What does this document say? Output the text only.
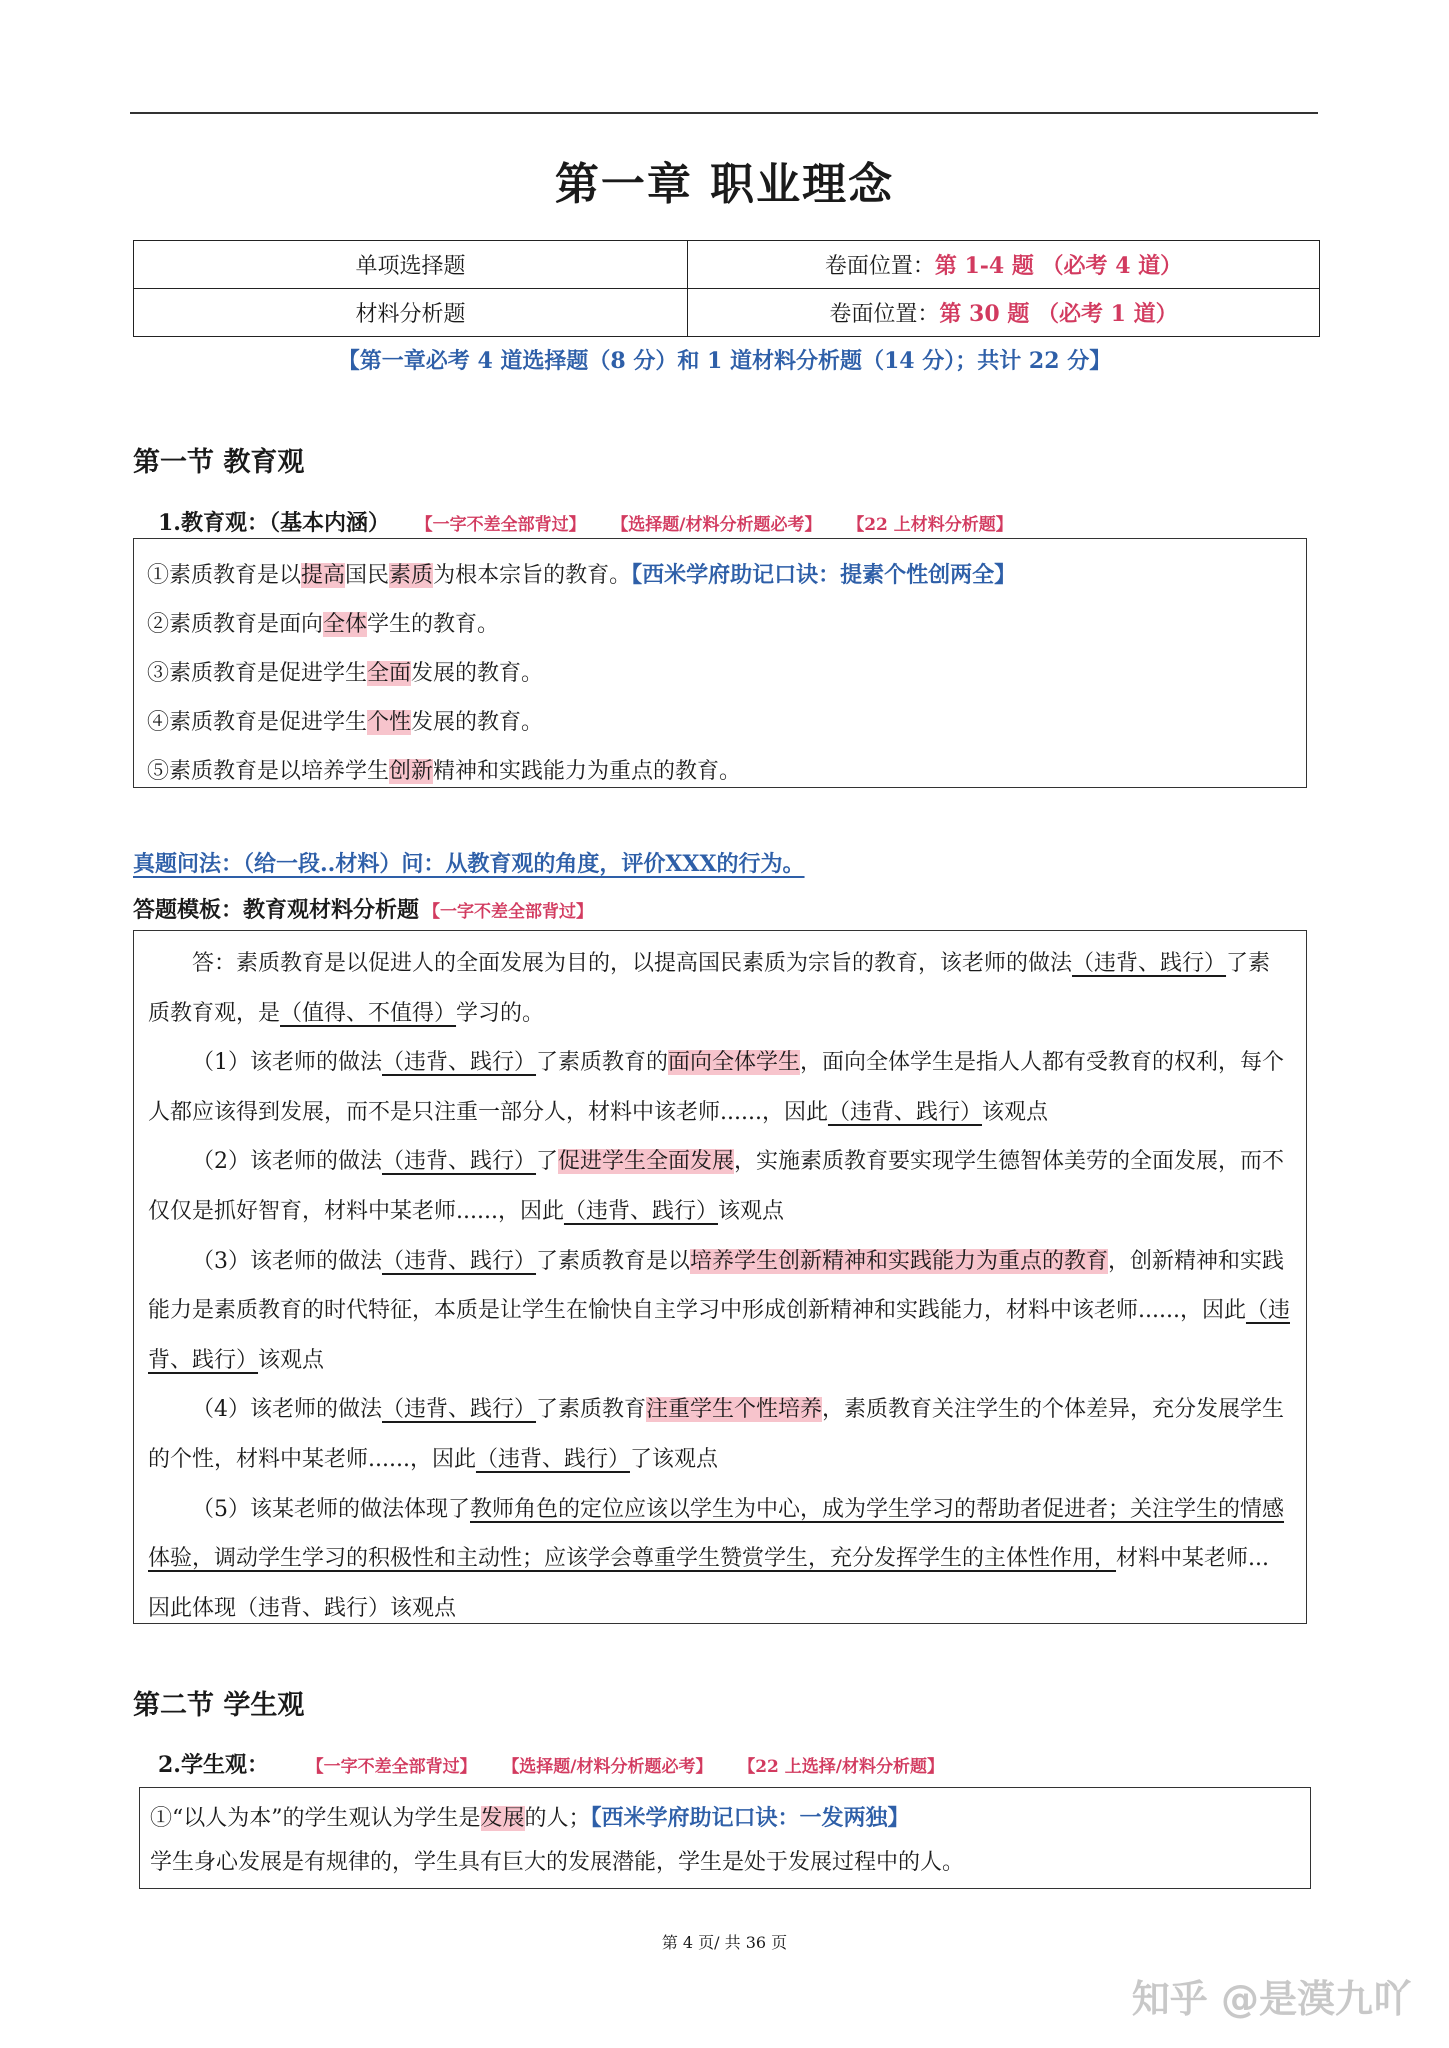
第一章 职业理念
单项选择题	卷面位置：第 1-4 题 （必考 4 道）
材料分析题	卷面位置：第 30 题 （必考 1 道）
【第一章必考 4 道选择题（8 分）和 1 道材料分析题（14 分）；共计 22 分】
第一节 教育观
1.教育观：（基本内涵） 【一字不差全部背过】 【选择题/材料分析题必考】 【22 上材料分析题】

①素质教育是以提高国民素质为根本宗旨的教育。【西米学府助记口诀：提素个性创两全】

②素质教育是面向全体学生的教育。

③素质教育是促进学生全面发展的教育。

④素质教育是促进学生个性发展的教育。

⑤素质教育是以培养学生创新精神和实践能力为重点的教育。

真题问法：（给一段..材料）问：从教育观的角度，评价XXX的行为。
答题模板：教育观材料分析题 【一字不差全部背过】

答：素质教育是以促进人的全面发展为目的，以提高国民素质为宗旨的教育，该老师的做法（违背、践行）了素质教育观，是（值得、不值得）学习的。

（1）该老师的做法（违背、践行）了素质教育的面向全体学生，面向全体学生是指人人都有受教育的权利，每个人都应该得到发展，而不是只注重一部分人，材料中该老师......，因此（违背、践行）该观点

（2）该老师的做法（违背、践行）了促进学生全面发展，实施素质教育要实现学生德智体美劳的全面发展，而不仅仅是抓好智育，材料中某老师......，因此（违背、践行）该观点

（3）该老师的做法（违背、践行）了素质教育是以培养学生创新精神和实践能力为重点的教育，创新精神和实践能力是素质教育的时代特征，本质是让学生在愉快自主学习中形成创新精神和实践能力，材料中该老师......，因此（违背、践行）该观点

（4）该老师的做法（违背、践行）了素质教育注重学生个性培养，素质教育关注学生的个体差异，充分发展学生的个性，材料中某老师......，因此（违背、践行）了该观点

（5）该某老师的做法体现了教师角色的定位应该以学生为中心，成为学生学习的帮助者促进者；关注学生的情感体验，调动学生学习的积极性和主动性；应该学会尊重学生赞赏学生，充分发挥学生的主体性作用，材料中某老师...因此体现（违背、践行）该观点

第二节 学生观
2.学生观： 【一字不差全部背过】 【选择题/材料分析题必考】 【22 上选择/材料分析题】

①“以人为本”的学生观认为学生是发展的人；【西米学府助记口诀：一发两独】

学生身心发展是有规律的，学生具有巨大的发展潜能，学生是处于发展过程中的人。

第 4 页/ 共 36 页
知乎 @是漠九吖
